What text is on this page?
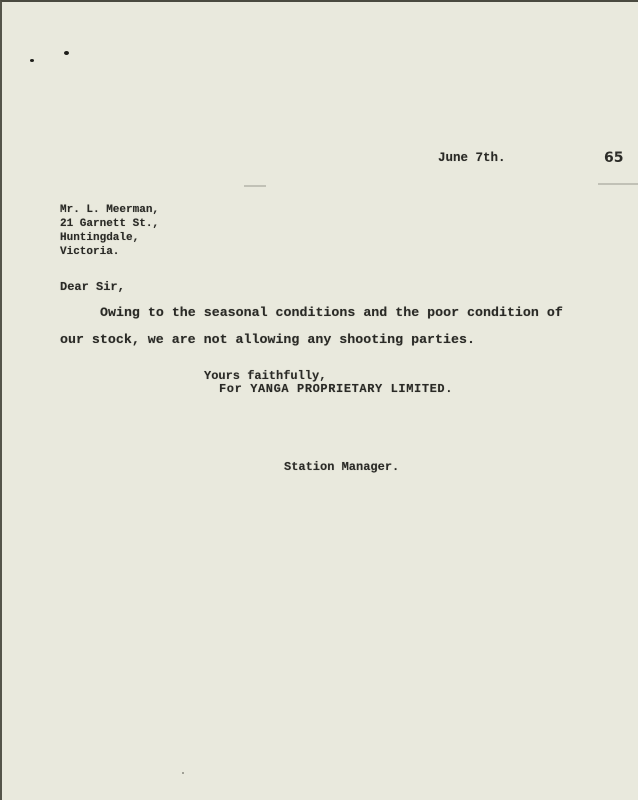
June 7th.	65
Mr. L. Meerman,
21 Garnett St.,
Huntingdale,
Victoria.
Dear Sir,
Owing to the seasonal conditions and the poor condition of
our stock, we are not allowing any shooting parties.
Yours faithfully,
For YANGA PROPRIETARY LIMITED.
Station Manager.
